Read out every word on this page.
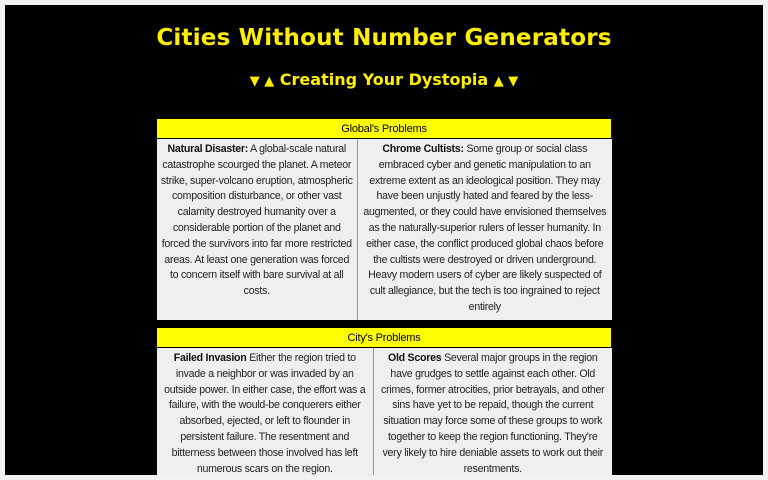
Cities Without Number Generators
▼ ▲ Creating Your Dystopia ▲ ▼
Global's Problems
Natural Disaster: A global-scale natural catastrophe scourged the planet. A meteor strike, super-volcano eruption, atmospheric composition disturbance, or other vast calamity destroyed humanity over a considerable portion of the planet and forced the survivors into far more restricted areas. At least one generation was forced to concern itself with bare survival at all costs.	Chrome Cultists: Some group or social class embraced cyber and genetic manipulation to an extreme extent as an ideological position. They may have been unjustly hated and feared by the less-augmented, or they could have envisioned themselves as the naturally-superior rulers of lesser humanity. In either case, the conflict produced global chaos before the cultists were destroyed or driven underground. Heavy modern users of cyber are likely suspected of cult allegiance, but the tech is too ingrained to reject entirely
City's Problems
Failed Invasion Either the region tried to invade a neighbor or was invaded by an outside power. In either case, the effort was a failure, with the would-be conquerers either absorbed, ejected, or left to flounder in persistent failure. The resentment and bitterness between those involved has left numerous scars on the region.	Old Scores Several major groups in the region have grudges to settle against each other. Old crimes, former atrocities, prior betrayals, and other sins have yet to be repaid, though the current situation may force some of these groups to work together to keep the region functioning. They're very likely to hire deniable assets to work out their resentments.
